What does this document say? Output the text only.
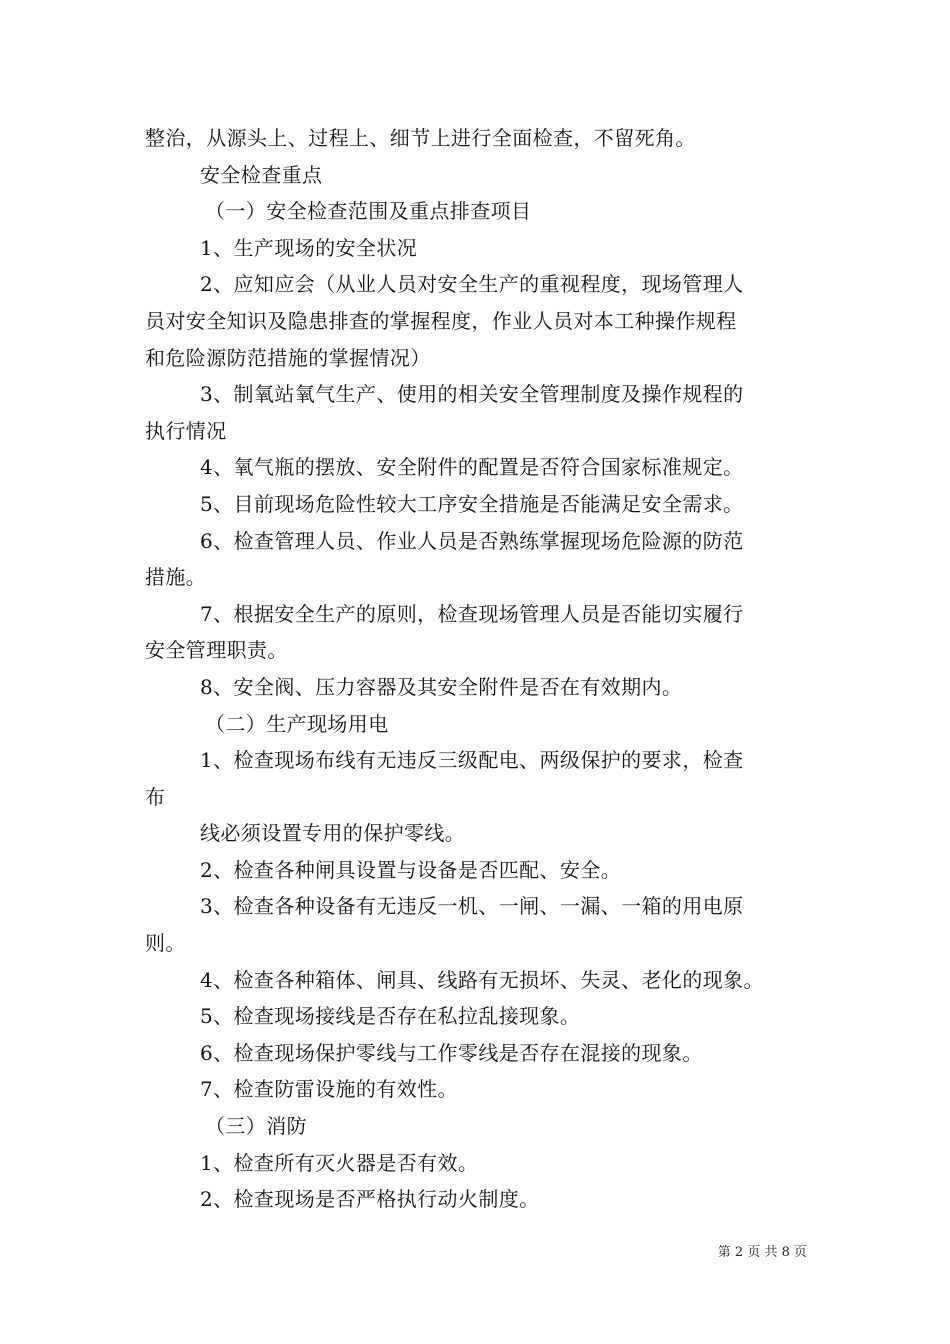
整治，从源头上、过程上、细节上进行全面检查，不留死角。
安全检查重点
（一）安全检查范围及重点排查项目
1、生产现场的安全状况
2、应知应会（从业人员对安全生产的重视程度，现场管理人
员对安全知识及隐患排查的掌握程度，作业人员对本工种操作规程
和危险源防范措施的掌握情况）
3、制氧站氧气生产、使用的相关安全管理制度及操作规程的
执行情况
4、氧气瓶的摆放、安全附件的配置是否符合国家标准规定。
5、目前现场危险性较大工序安全措施是否能满足安全需求。
6、检查管理人员、作业人员是否熟练掌握现场危险源的防范
措施。
7、根据安全生产的原则，检查现场管理人员是否能切实履行
安全管理职责。
8、安全阀、压力容器及其安全附件是否在有效期内。
（二）生产现场用电
1、检查现场布线有无违反三级配电、两级保护的要求，检查
布
线必须设置专用的保护零线。
2、检查各种闸具设置与设备是否匹配、安全。
3、检查各种设备有无违反一机、一闸、一漏、一箱的用电原
则。
4、检查各种箱体、闸具、线路有无损坏、失灵、老化的现象。
5、检查现场接线是否存在私拉乱接现象。
6、检查现场保护零线与工作零线是否存在混接的现象。
7、检查防雷设施的有效性。
（三）消防
1、检查所有灭火器是否有效。
2、检查现场是否严格执行动火制度。
第 2 页 共 8 页
